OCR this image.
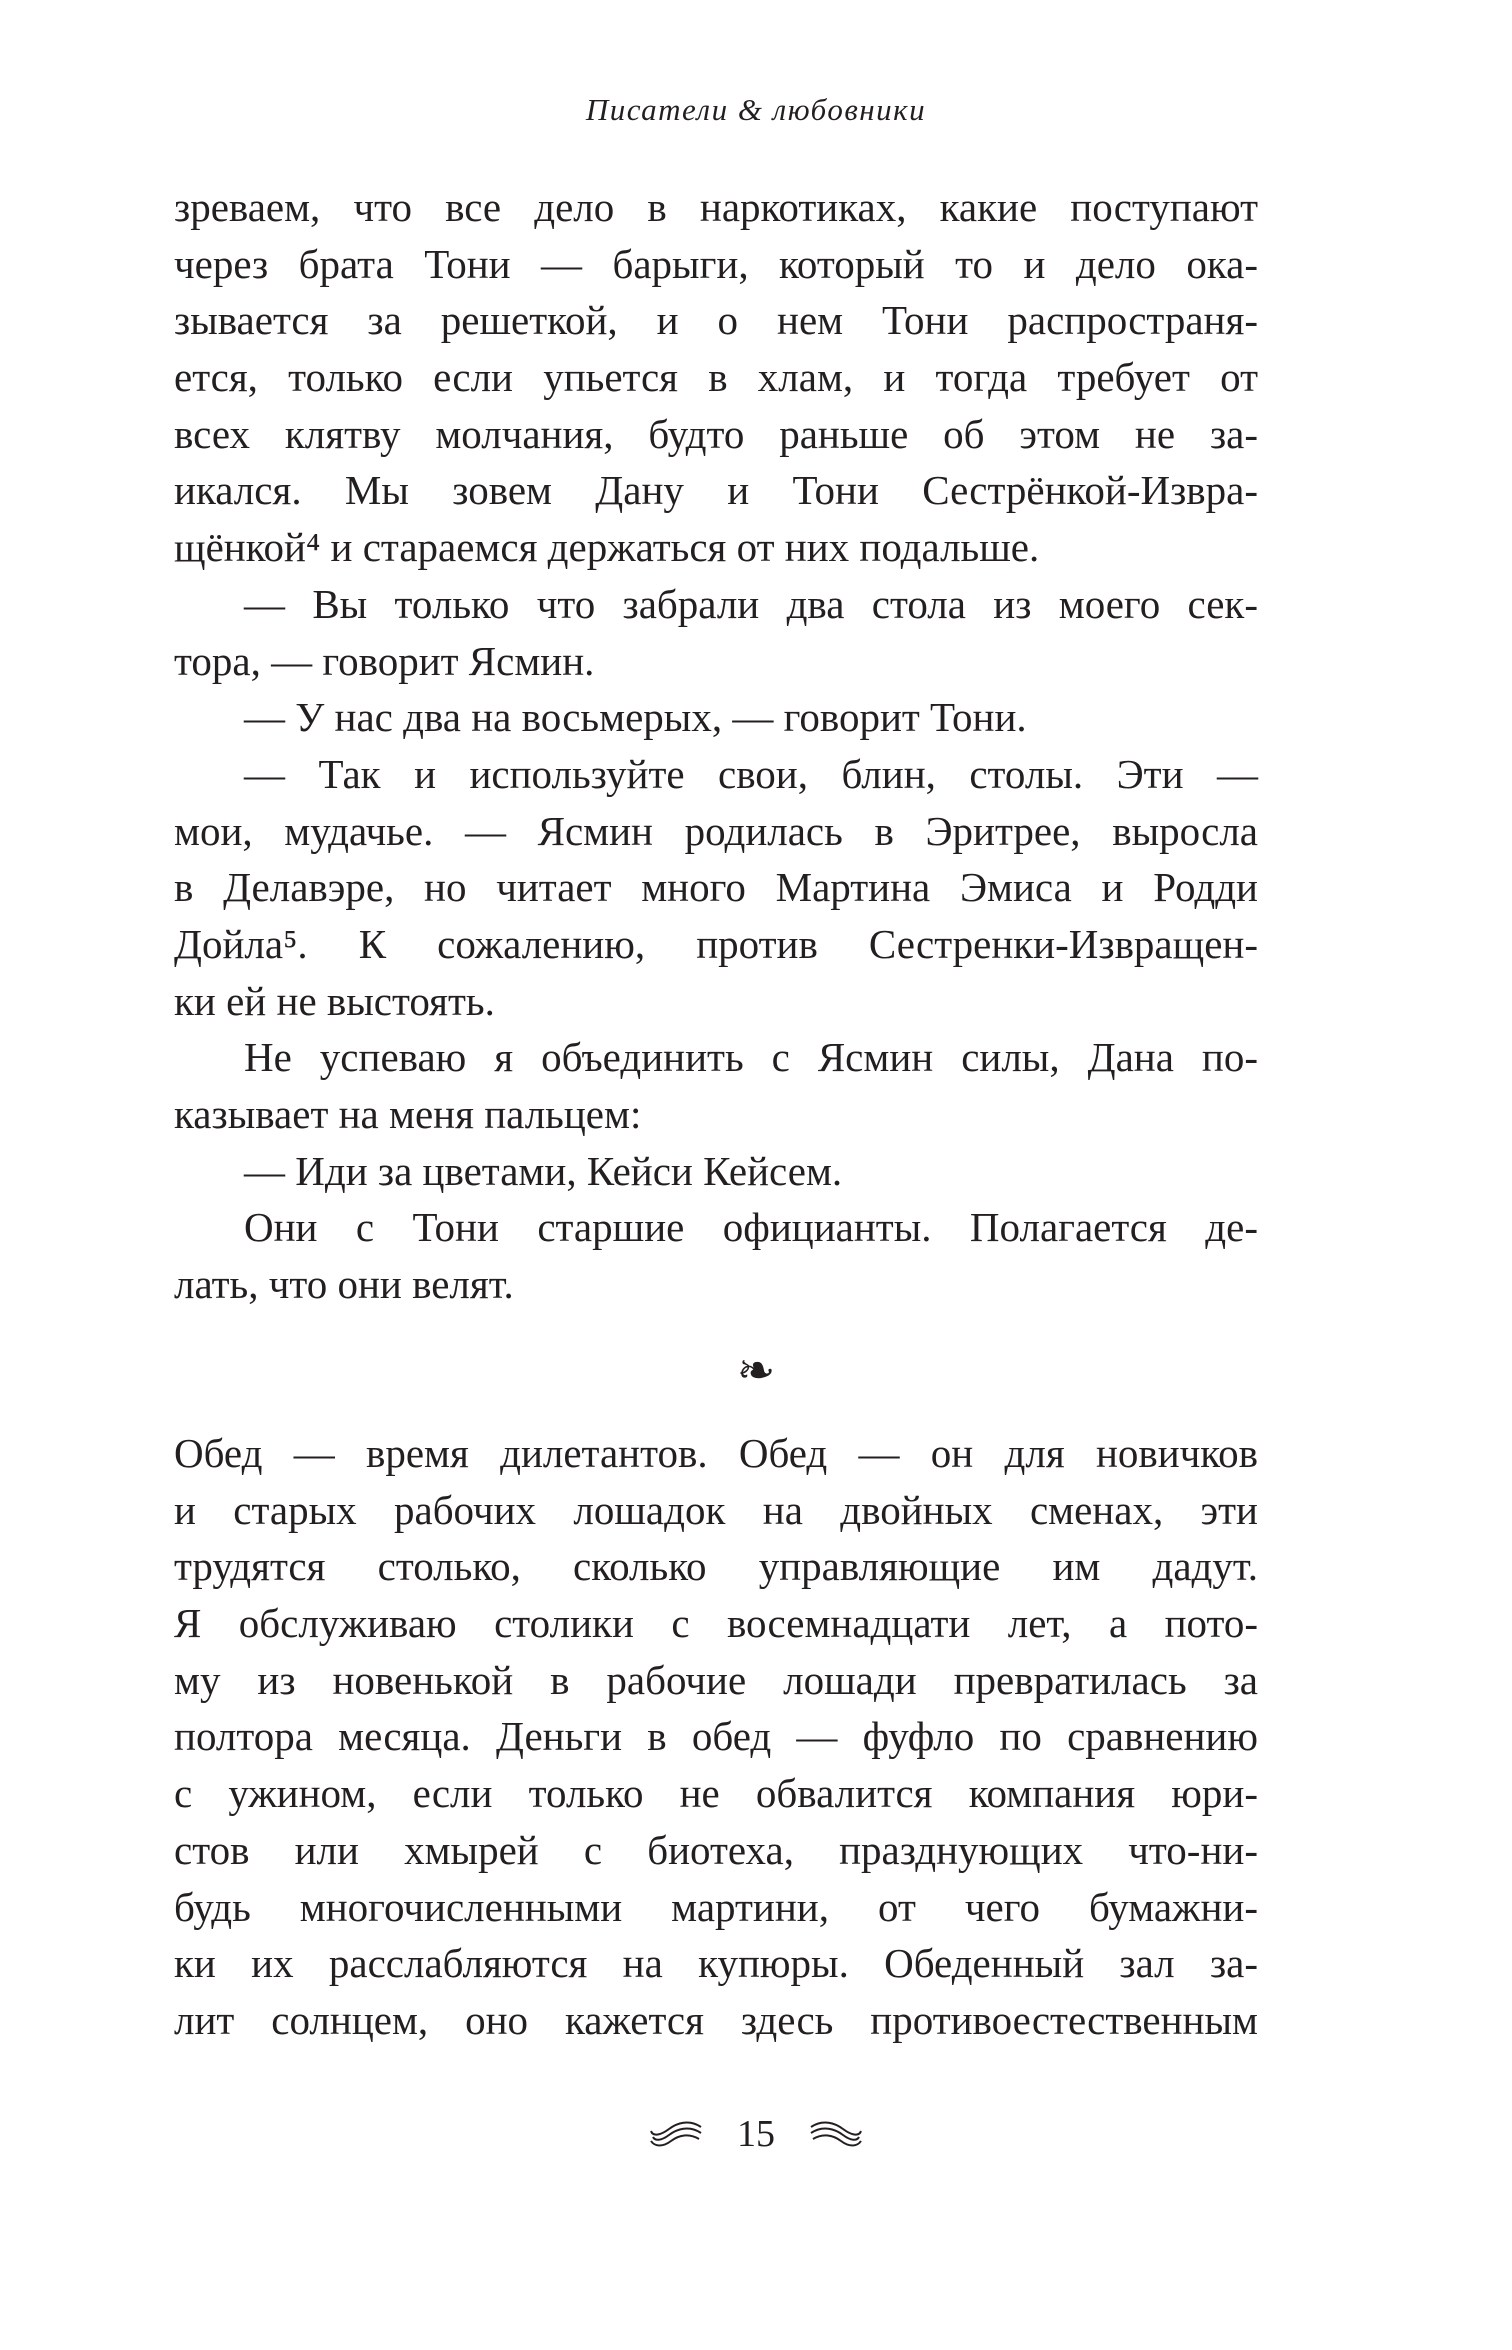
Писатели & любовники
зреваем, что все дело в наркотиках, какие поступают
через брата Тони — барыги, который то и дело ока-
зывается за решеткой, и о нем Тони распространя-
ется, только если упьется в хлам, и тогда требует от
всех клятву молчания, будто раньше об этом не за-
икался. Мы зовем Дану и Тони Сестрёнкой-Извра-
щёнкой⁴ и стараемся держаться от них подальше.
— Вы только что забрали два стола из моего сек-
тора, — говорит Ясмин.
— У нас два на восьмерых, — говорит Тони.
— Так и используйте свои, блин, столы. Эти —
мои, мудачье. — Ясмин родилась в Эритрее, выросла
в Делавэре, но читает много Мартина Эмиса и Родди
Дойла⁵. К сожалению, против Сестренки-Извращен-
ки ей не выстоять.
Не успеваю я объединить с Ясмин силы, Дана по-
казывает на меня пальцем:
— Иди за цветами, Кейси Кейсем.
Они с Тони старшие официанты. Полагается де-
лать, что они велят.
❧
Обед — время дилетантов. Обед — он для новичков
и старых рабочих лошадок на двойных сменах, эти
трудятся столько, сколько управляющие им дадут.
Я обслуживаю столики с восемнадцати лет, а пото-
му из новенькой в рабочие лошади превратилась за
полтора месяца. Деньги в обед — фуфло по сравнению
с ужином, если только не обвалится компания юри-
стов или хмырей с биотеха, празднующих что-ни-
будь многочисленными мартини, от чего бумажни-
ки их расслабляются на купюры. Обеденный зал за-
лит солнцем, оно кажется здесь противоестественным
15
